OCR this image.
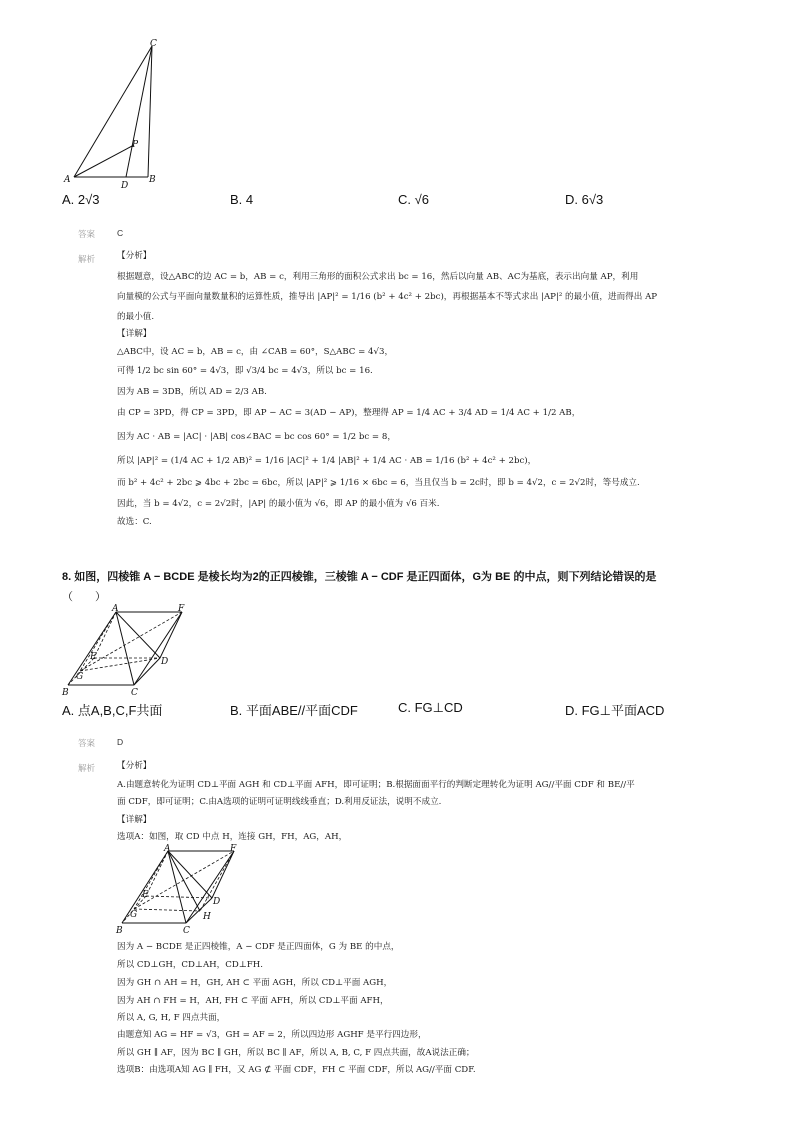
C
P
A
D
B
A. 2√3	B. 4	C. √6	D. 6√3
答案	C
解析	【分析】
根据题意，设△ABC的边 AC = b，AB = c，利用三角形的面积公式求出 bc = 16，然后以向量 AB、AC为基底，表示出向量 AP，利用
向量模的公式与平面向量数量积的运算性质，推导出 |AP|² = 1/16 (b² + 4c² + 2bc)，再根据基本不等式求出 |AP|² 的最小值，进而得出 AP
的最小值.
【详解】
△ABC中，设 AC = b，AB = c，由 ∠CAB = 60°，S△ABC = 4√3，
可得 1/2 bc sin 60° = 4√3，即 √3/4 bc = 4√3，所以 bc = 16.
因为 AB = 3DB，所以 AD = 2/3 AB.
由 CP = 3PD，得 CP = 3PD，即 AP − AC = 3(AD − AP)，整理得 AP = 1/4 AC + 3/4 AD = 1/4 AC + 1/2 AB，
因为 AC · AB = |AC| · |AB| cos∠BAC = bc cos 60° = 1/2 bc = 8，
所以 |AP|² = (1/4 AC + 1/2 AB)² = 1/16 |AC|² + 1/4 |AB|² + 1/4 AC · AB = 1/16 (b² + 4c² + 2bc)，
而 b² + 4c² + 2bc ⩾ 4bc + 2bc = 6bc，所以 |AP|² ⩾ 1/16 × 6bc = 6，当且仅当 b = 2c时，即 b = 4√2，c = 2√2时，等号成立.
因此，当 b = 4√2，c = 2√2时，|AP| 的最小值为 √6，即 AP 的最小值为 √6 百米.
故选：C.
8. 如图，四棱锥 A − BCDE 是棱长均为2的正四棱锥，三棱锥 A − CDF 是正四面体，G为 BE 的中点，则下列结论错误的是
（　　）
A	F
E	D
G
B	C
A. 点A,B,C,F共面	B. 平面ABE//平面CDF	C. FG⊥CD	D. FG⊥平面ACD
答案	D
解析	【分析】
A.由题意转化为证明 CD⊥平面 AGH 和 CD⊥平面 AFH，即可证明；B.根据面面平行的判断定理转化为证明 AG//平面 CDF 和 BE//平
面 CDF，即可证明；C.由A选项的证明可证明线线垂直；D.利用反证法，说明不成立.
【详解】
选项A：如图，取 CD 中点 H，连接 GH，FH，AG，AH，
A	F
E
D
H
G
B	C
因为 A − BCDE 是正四棱锥，A − CDF 是正四面体，G 为 BE 的中点，
所以 CD⊥GH，CD⊥AH，CD⊥FH.
因为 GH ∩ AH = H，GH, AH ⊂ 平面 AGH，所以 CD⊥平面 AGH，
因为 AH ∩ FH = H，AH, FH ⊂ 平面 AFH，所以 CD⊥平面 AFH，
所以 A, G, H, F 四点共面，
由题意知 AG = HF = √3，GH = AF = 2，所以四边形 AGHF 是平行四边形，
所以 GH ∥ AF，因为 BC ∥ GH，所以 BC ∥ AF，所以 A, B, C, F 四点共面，故A说法正确；
选项B：由选项A知 AG ∥ FH，又 AG ⊄ 平面 CDF，FH ⊂ 平面 CDF，所以 AG//平面 CDF.
